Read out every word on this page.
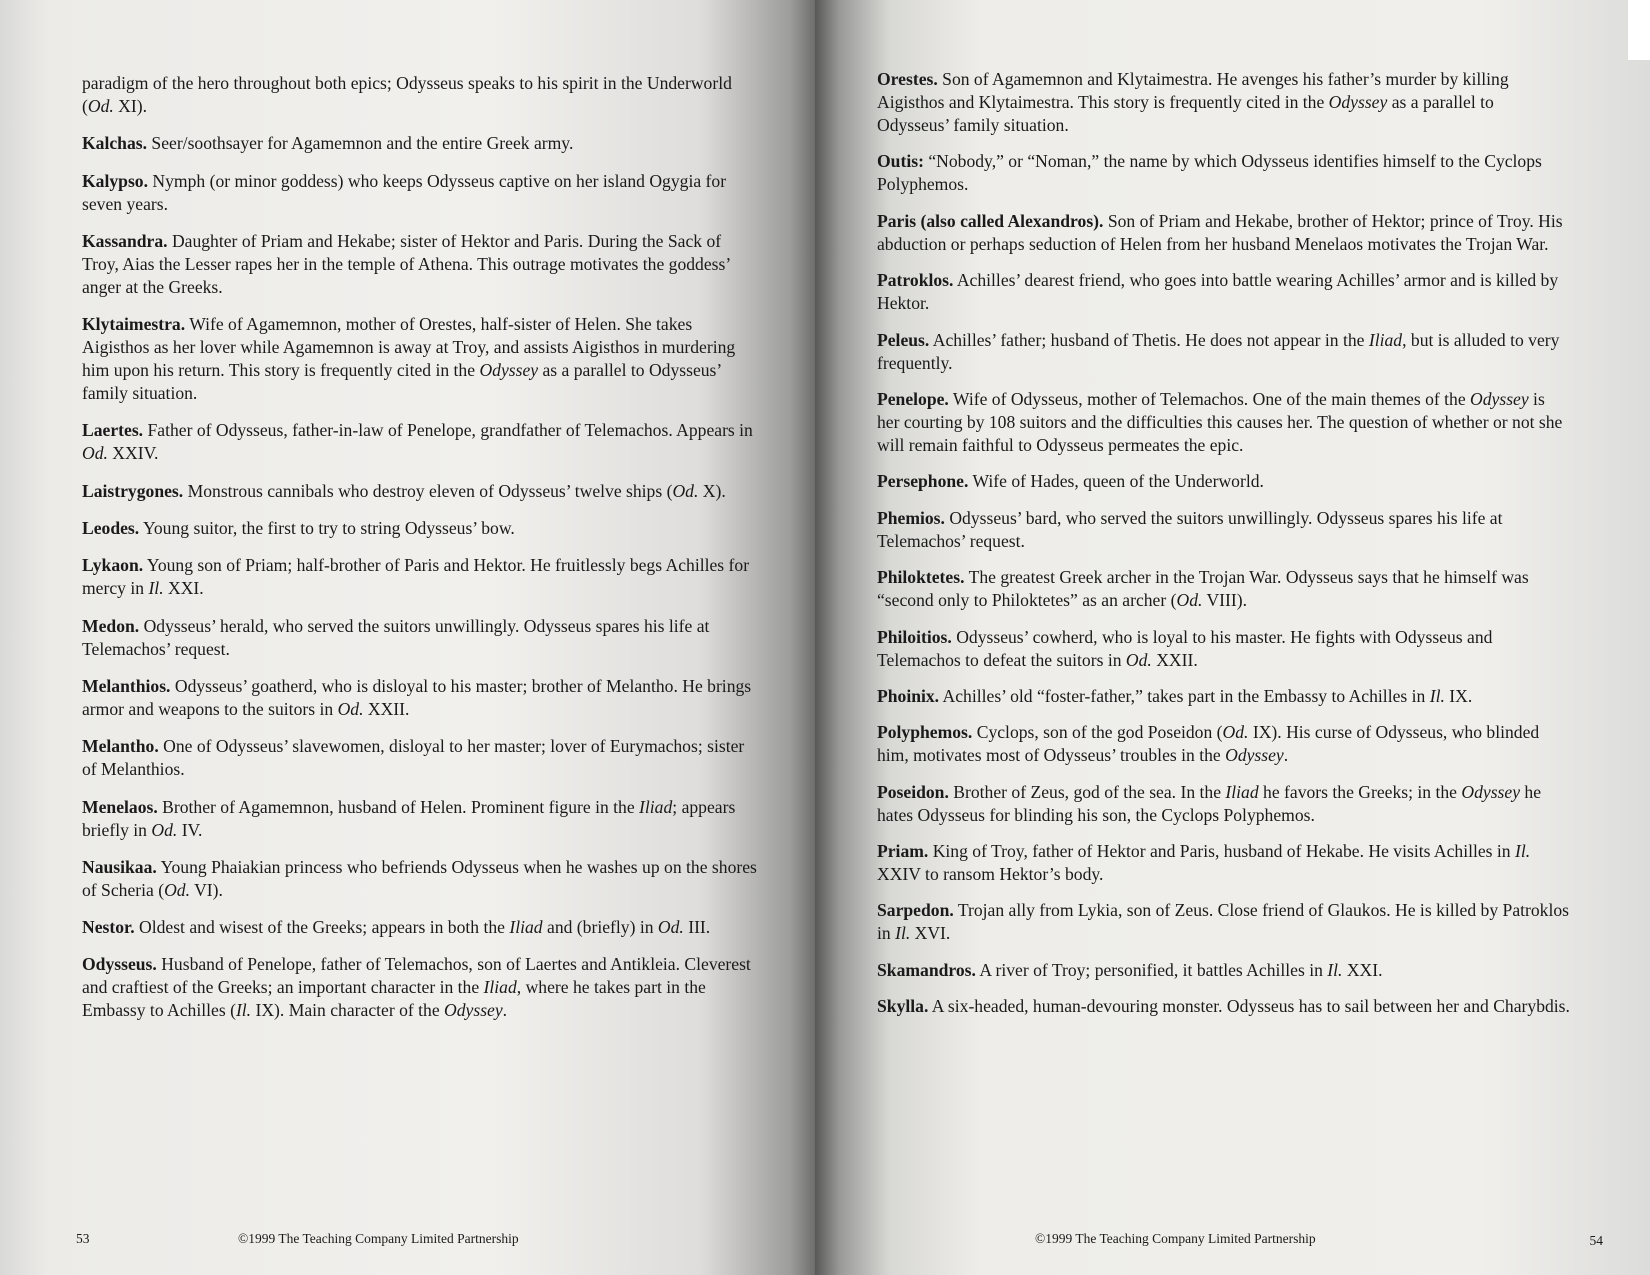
paradigm of the hero throughout both epics; Odysseus speaks to his spirit in the Underworld (Od. XI).

Kalchas. Seer/soothsayer for Agamemnon and the entire Greek army.

Kalypso. Nymph (or minor goddess) who keeps Odysseus captive on her island Ogygia for seven years.

Kassandra. Daughter of Priam and Hekabe; sister of Hektor and Paris. During the Sack of Troy, Aias the Lesser rapes her in the temple of Athena. This outrage motivates the goddess’ anger at the Greeks.

Klytaimestra. Wife of Agamemnon, mother of Orestes, half-sister of Helen. She takes Aigisthos as her lover while Agamemnon is away at Troy, and assists Aigisthos in murdering him upon his return. This story is frequently cited in the Odyssey as a parallel to Odysseus’ family situation.

Laertes. Father of Odysseus, father-in-law of Penelope, grandfather of Telemachos. Appears in Od. XXIV.

Laistrygones. Monstrous cannibals who destroy eleven of Odysseus’ twelve ships (Od. X).

Leodes. Young suitor, the first to try to string Odysseus’ bow.

Lykaon. Young son of Priam; half-brother of Paris and Hektor. He fruitlessly begs Achilles for mercy in Il. XXI.

Medon. Odysseus’ herald, who served the suitors unwillingly. Odysseus spares his life at Telemachos’ request.

Melanthios. Odysseus’ goatherd, who is disloyal to his master; brother of Melantho. He brings armor and weapons to the suitors in Od. XXII.

Melantho. One of Odysseus’ slavewomen, disloyal to her master; lover of Eurymachos; sister of Melanthios.

Menelaos. Brother of Agamemnon, husband of Helen. Prominent figure in the Iliad; appears briefly in Od. IV.

Nausikaa. Young Phaiakian princess who befriends Odysseus when he washes up on the shores of Scheria (Od. VI).

Nestor. Oldest and wisest of the Greeks; appears in both the Iliad and (briefly) in Od. III.

Odysseus. Husband of Penelope, father of Telemachos, son of Laertes and Antikleia. Cleverest and craftiest of the Greeks; an important character in the Iliad, where he takes part in the Embassy to Achilles (Il. IX). Main character of the Odyssey.

53	©1999 The Teaching Company Limited Partnership

Orestes. Son of Agamemnon and Klytaimestra. He avenges his father’s murder by killing Aigisthos and Klytaimestra. This story is frequently cited in the Odyssey as a parallel to Odysseus’ family situation.

Outis: “Nobody,” or “Noman,” the name by which Odysseus identifies himself to the Cyclops Polyphemos.

Paris (also called Alexandros). Son of Priam and Hekabe, brother of Hektor; prince of Troy. His abduction or perhaps seduction of Helen from her husband Menelaos motivates the Trojan War.

Patroklos. Achilles’ dearest friend, who goes into battle wearing Achilles’ armor and is killed by Hektor.

Peleus. Achilles’ father; husband of Thetis. He does not appear in the Iliad, but is alluded to very frequently.

Penelope. Wife of Odysseus, mother of Telemachos. One of the main themes of the Odyssey is her courting by 108 suitors and the difficulties this causes her. The question of whether or not she will remain faithful to Odysseus permeates the epic.

Persephone. Wife of Hades, queen of the Underworld.

Phemios. Odysseus’ bard, who served the suitors unwillingly. Odysseus spares his life at Telemachos’ request.

Philoktetes. The greatest Greek archer in the Trojan War. Odysseus says that he himself was “second only to Philoktetes” as an archer (Od. VIII).

Philoitios. Odysseus’ cowherd, who is loyal to his master. He fights with Odysseus and Telemachos to defeat the suitors in Od. XXII.

Phoinix. Achilles’ old “foster-father,” takes part in the Embassy to Achilles in Il. IX.

Polyphemos. Cyclops, son of the god Poseidon (Od. IX). His curse of Odysseus, who blinded him, motivates most of Odysseus’ troubles in the Odyssey.

Poseidon. Brother of Zeus, god of the sea. In the Iliad he favors the Greeks; in the Odyssey he hates Odysseus for blinding his son, the Cyclops Polyphemos.

Priam. King of Troy, father of Hektor and Paris, husband of Hekabe. He visits Achilles in Il. XXIV to ransom Hektor’s body.

Sarpedon. Trojan ally from Lykia, son of Zeus. Close friend of Glaukos. He is killed by Patroklos in Il. XVI.

Skamandros. A river of Troy; personified, it battles Achilles in Il. XXI.

Skylla. A six-headed, human-devouring monster. Odysseus has to sail between her and Charybdis.

©1999 The Teaching Company Limited Partnership	54
